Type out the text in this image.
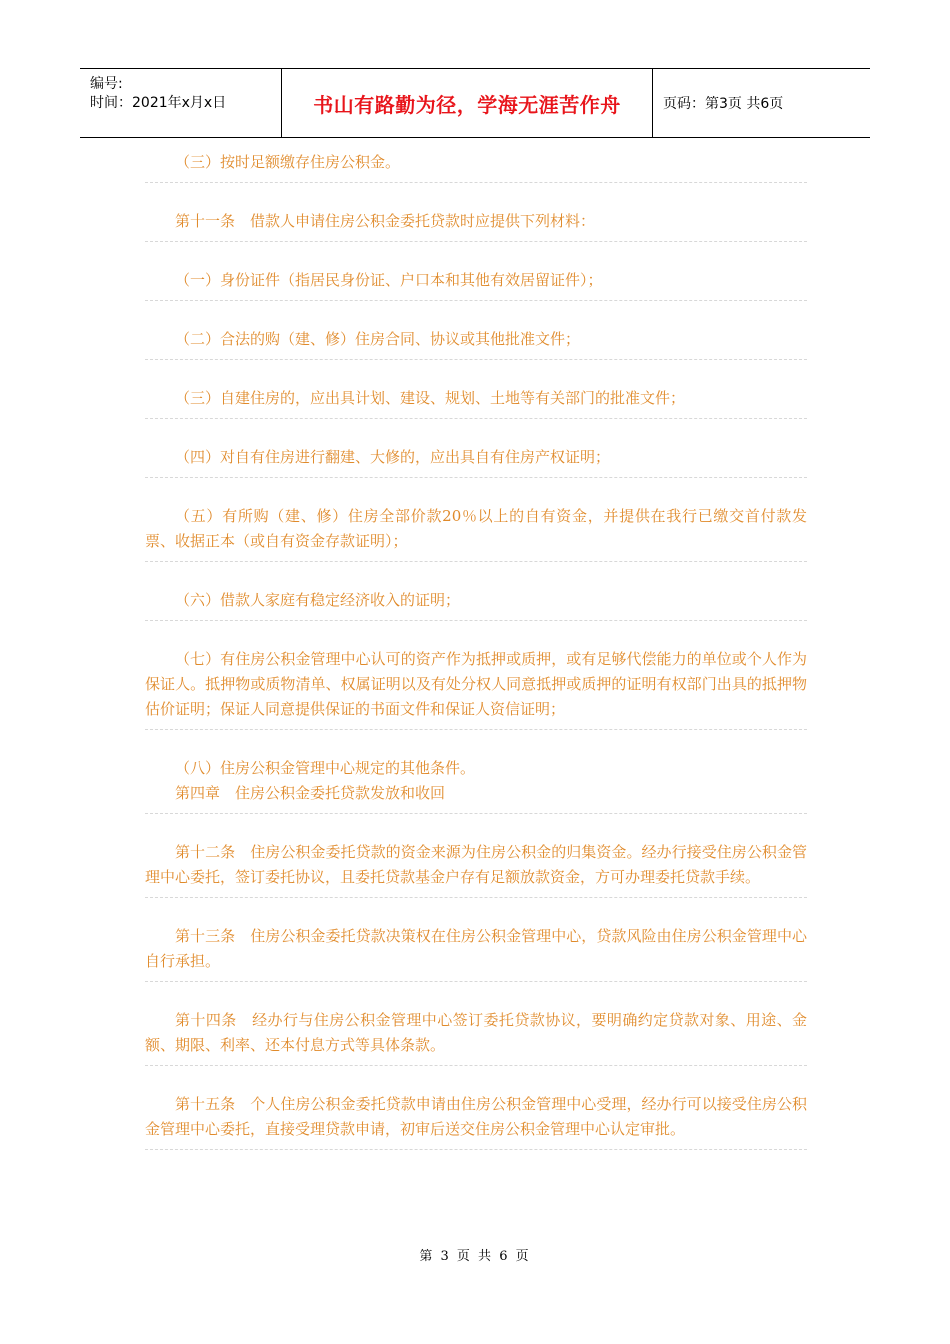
编号:
时间：2021年x月x日	书山有路勤为径，学海无涯苦作舟	页码：第3页 共6页

（三）按时足额缴存住房公积金。

第十一条　借款人申请住房公积金委托贷款时应提供下列材料：

（一）身份证件（指居民身份证、户口本和其他有效居留证件）；

（二）合法的购（建、修）住房合同、协议或其他批准文件；

（三）自建住房的，应出具计划、建设、规划、土地等有关部门的批准文件；

（四）对自有住房进行翻建、大修的，应出具自有住房产权证明；

（五）有所购（建、修）住房全部价款20％以上的自有资金，并提供在我行已缴交首付款发票、收据正本（或自有资金存款证明）；

（六）借款人家庭有稳定经济收入的证明；

（七）有住房公积金管理中心认可的资产作为抵押或质押，或有足够代偿能力的单位或个人作为保证人。抵押物或质物清单、权属证明以及有处分权人同意抵押或质押的证明有权部门出具的抵押物估价证明；保证人同意提供保证的书面文件和保证人资信证明；

（八）住房公积金管理中心规定的其他条件。

第四章　住房公积金委托贷款发放和收回

第十二条　住房公积金委托贷款的资金来源为住房公积金的归集资金。经办行接受住房公积金管理中心委托，签订委托协议，且委托贷款基金户存有足额放款资金，方可办理委托贷款手续。

第十三条　住房公积金委托贷款决策权在住房公积金管理中心，贷款风险由住房公积金管理中心自行承担。

第十四条　经办行与住房公积金管理中心签订委托贷款协议，要明确约定贷款对象、用途、金额、期限、利率、还本付息方式等具体条款。

第十五条　个人住房公积金委托贷款申请由住房公积金管理中心受理，经办行可以接受住房公积金管理中心委托，直接受理贷款申请，初审后送交住房公积金管理中心认定审批。

第 3 页 共 6 页
